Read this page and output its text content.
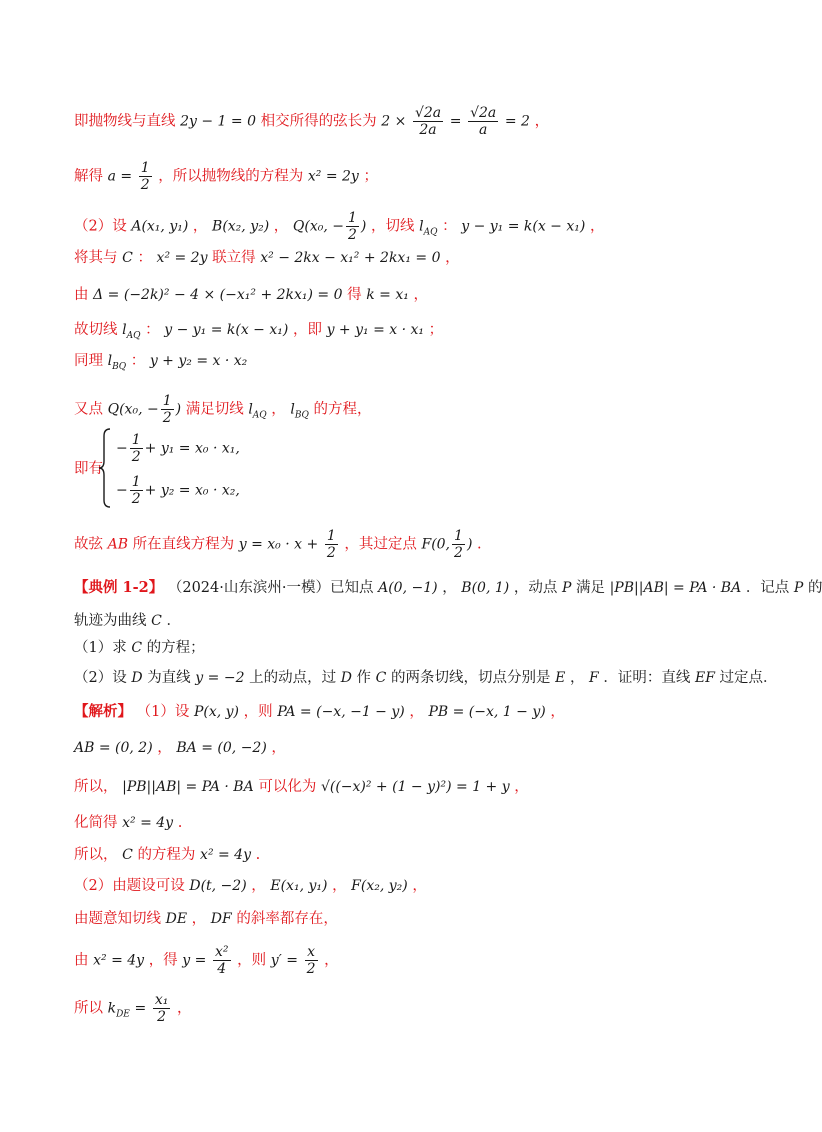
即抛物线与直线 2y − 1 = 0 相交所得的弦长为 $2 \times \frac{√2a}{2a} = \frac{√2a}{a} = 2$ ，
解得 $a = \frac{1}{2}$ ，所以抛物线的方程为 x² = 2y ；
（2）设 A(x₁, y₁) ， B(x₂, y₂) ， Q(x₀, − $\frac{1}{2}$ ) ，切线 $l_{AQ}$ ： y − y₁ = k(x − x₁) ，
将其与 C ： x² = 2y 联立得 x² − 2kx − x₁² + 2kx₁ = 0 ，
由 Δ = (−2k)² − 4 × (−x₁² + 2kx₁) = 0 得 k = x₁ ，
故切线 $l_{AQ}$ ： y − y₁ = k(x − x₁) ，即 y + y₁ = x · x₁ ；
同理 $l_{BQ}$ ： y + y₂ = x · x₂
又点 Q(x₀, − $\frac{1}{2}$ ) 满足切线 $l_{AQ}$ ， $l_{BQ}$ 的方程，
即有
− $\frac{1}{2} + y_1 = x_0 \cdot x_1$,
− $\frac{1}{2} + y_2 = x_0 \cdot x_2$,
故弦 AB 所在直线方程为 $y = x_0 \cdot x + \frac{1}{2}$ ，其过定点 F(0, $\frac{1}{2}$ ) .
【典例 1-2】 （2024·山东滨州·一模）已知点 A(0, −1) ， B(0, 1) ，动点 P 满足 |PB||AB| = PA · BA ．记点 P 的
轨迹为曲线 C ．
（1）求 C 的方程；
（2）设 D 为直线 y = −2 上的动点，过 D 作 C 的两条切线，切点分别是 E ， F ．证明：直线 EF 过定点．
【解析】 （1）设 P(x, y) ，则 PA = (−x, −1 − y) ， PB = (−x, 1 − y) ，
AB = (0, 2) ， BA = (0, −2) ，
所以， |PB||AB| = PA · BA 可以化为 √((−x)² + (1 − y)²) = 1 + y ，
化简得 x² = 4y .
所以， C 的方程为 x² = 4y .
（2）由题设可设 D(t, −2) ， E(x₁, y₁) ， F(x₂, y₂) ，
由题意知切线 DE ， DF 的斜率都存在，
由 x² = 4y ，得 $y = \frac{\text{x²}}{4}$ ，则 $y' = \frac{x}{2}$ ，
所以 $k_{DE} = \frac{\text{x₁}}{2}$ ，
